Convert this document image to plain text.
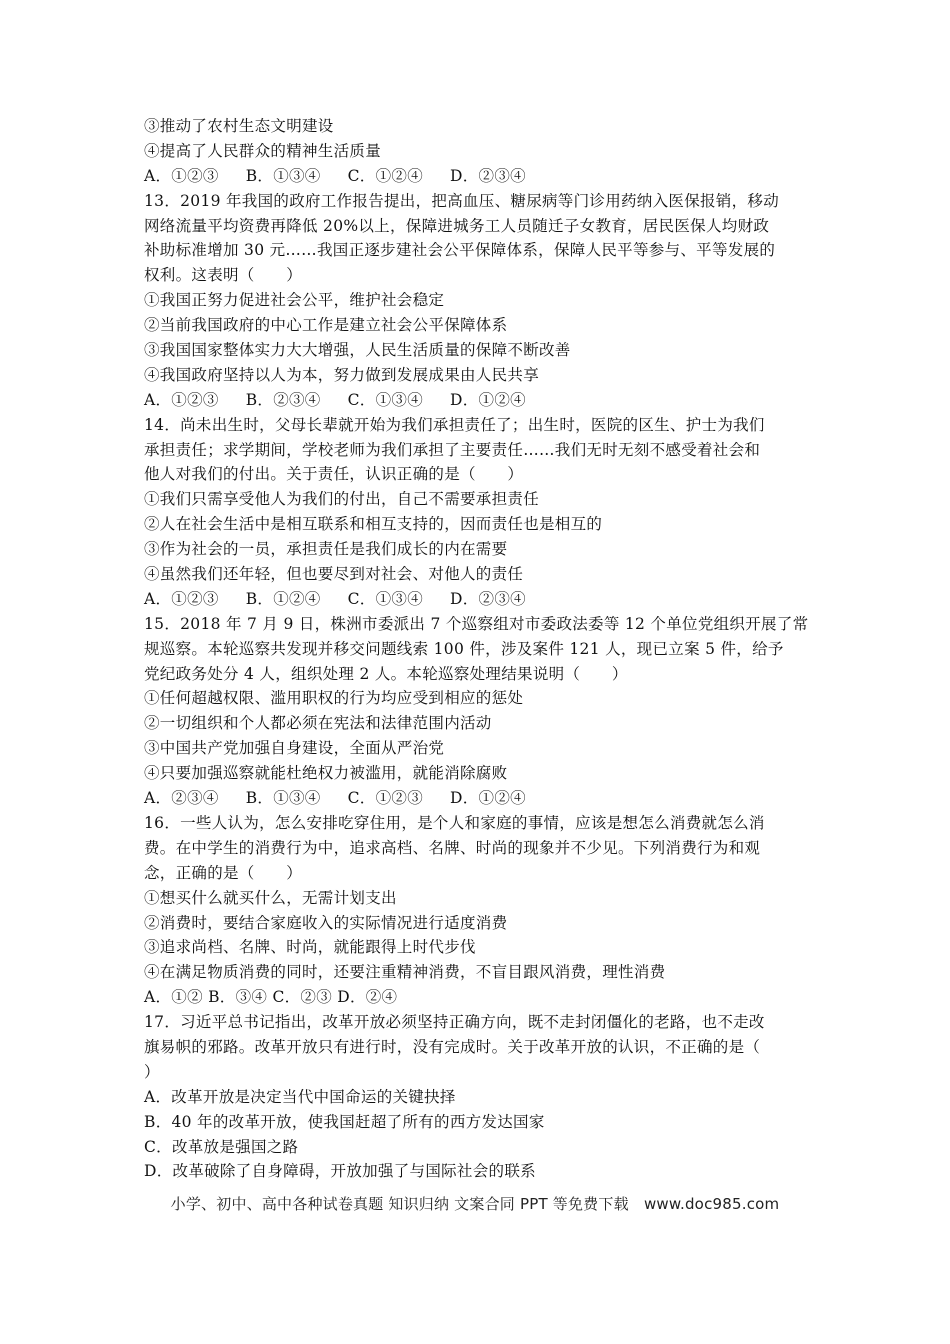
③推动了农村生态文明建设
④提高了人民群众的精神生活质量
A．①②③　 B．①③④　 C．①②④　 D．②③④
13．2019 年我国的政府工作报告提出，把高血压、糖尿病等门诊用药纳入医保报销，移动
网络流量平均资费再降低 20%以上，保障进城务工人员随迁子女教育，居民医保人均财政
补助标准增加 30 元……我国正逐步建社会公平保障体系，保障人民平等参与、平等发展的
权利。这表明（　　）
①我国正努力促进社会公平，维护社会稳定
②当前我国政府的中心工作是建立社会公平保障体系
③我国国家整体实力大大增强，人民生活质量的保障不断改善
④我国政府坚持以人为本，努力做到发展成果由人民共享
A．①②③　 B．②③④　 C．①③④　 D．①②④
14．尚未出生时，父母长辈就开始为我们承担责任了；出生时，医院的区生、护士为我们
承担责任；求学期间，学校老师为我们承担了主要责任……我们无时无刻不感受着社会和
他人对我们的付出。关于责任，认识正确的是（　　）
①我们只需享受他人为我们的付出，自己不需要承担责任
②人在社会生活中是相互联系和相互支持的，因而责任也是相互的
③作为社会的一员，承担责任是我们成长的内在需要
④虽然我们还年轻，但也要尽到对社会、对他人的责任
A．①②③　 B．①②④　 C．①③④　 D．②③④
15．2018 年 7 月 9 日，株洲市委派出 7 个巡察组对市委政法委等 12 个单位党组织开展了常
规巡察。本轮巡察共发现并移交问题线索 100 件，涉及案件 121 人，现已立案 5 件，给予
党纪政务处分 4 人，组织处理 2 人。本轮巡察处理结果说明（　　）
①任何超越权限、滥用职权的行为均应受到相应的惩处
②一切组织和个人都必须在宪法和法律范围内活动
③中国共产党加强自身建设，全面从严治党
④只要加强巡察就能杜绝权力被滥用，就能消除腐败
A．②③④　 B．①③④　 C．①②③　 D．①②④
16．一些人认为，怎么安排吃穿住用，是个人和家庭的事情，应该是想怎么消费就怎么消
费。在中学生的消费行为中，追求高档、名牌、时尚的现象并不少见。下列消费行为和观
念，正确的是（　　）
①想买什么就买什么，无需计划支出
②消费时，要结合家庭收入的实际情况进行适度消费
③追求尚档、名牌、时尚，就能跟得上时代步伐
④在满足物质消费的同时，还要注重精神消费，不盲目跟风消费，理性消费
A．①② B．③④ C．②③ D．②④
17．习近平总书记指出，改革开放必须坚持正确方向，既不走封闭僵化的老路，也不走改
旗易帜的邪路。改革开放只有进行时，没有完成时。关于改革开放的认识，不正确的是（
）
A．改革开放是决定当代中国命运的关键抉择
B．40 年的改革开放，使我国赶超了所有的西方发达国家
C．改革放是强国之路
D．改革破除了自身障碍，开放加强了与国际社会的联系
小学、初中、高中各种试卷真题 知识归纳 文案合同 PPT 等免费下载　www.doc985.com
